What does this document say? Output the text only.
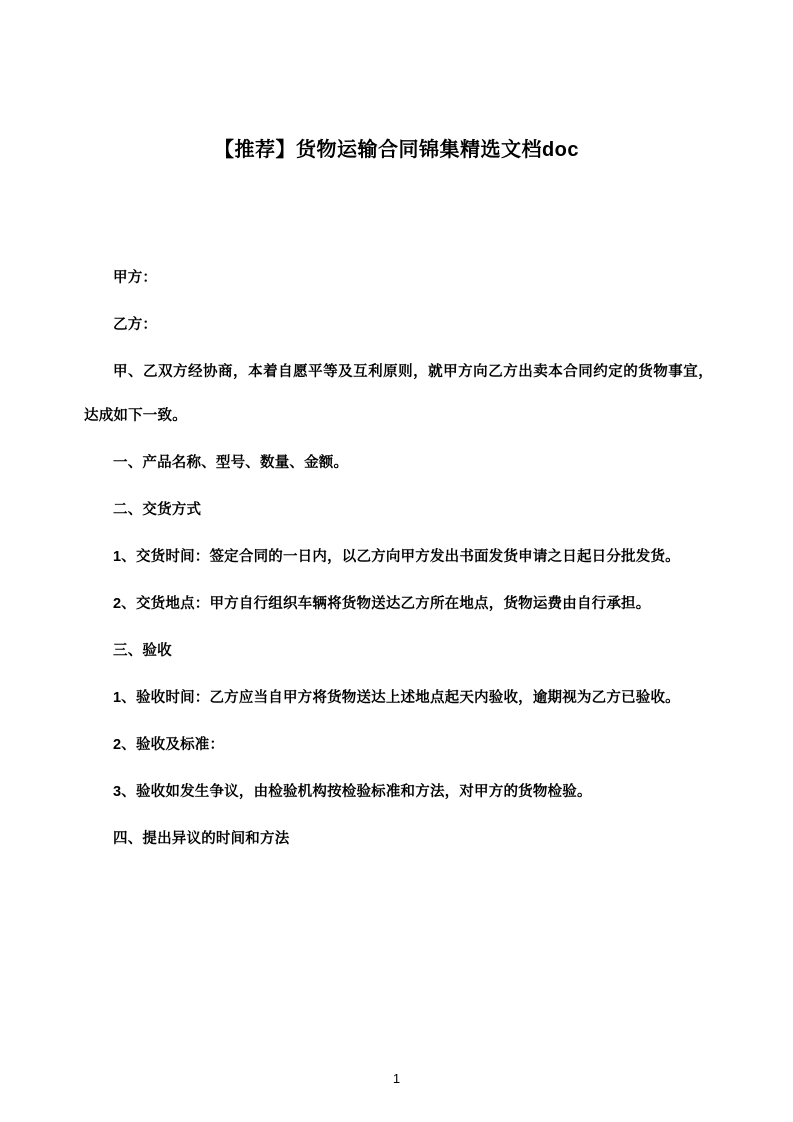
【推荐】货物运输合同锦集精选文档doc

甲方：

乙方：

甲、乙双方经协商，本着自愿平等及互利原则，就甲方向乙方出卖本合同约定的货物事宜，达成如下一致。

一、产品名称、型号、数量、金额。

二、交货方式

1、交货时间：签定合同的一日内，以乙方向甲方发出书面发货申请之日起日分批发货。

2、交货地点：甲方自行组织车辆将货物送达乙方所在地点，货物运费由自行承担。

三、验收

1、验收时间：乙方应当自甲方将货物送达上述地点起天内验收，逾期视为乙方已验收。

2、验收及标准：

3、验收如发生争议，由检验机构按检验标准和方法，对甲方的货物检验。

四、提出异议的时间和方法

1
